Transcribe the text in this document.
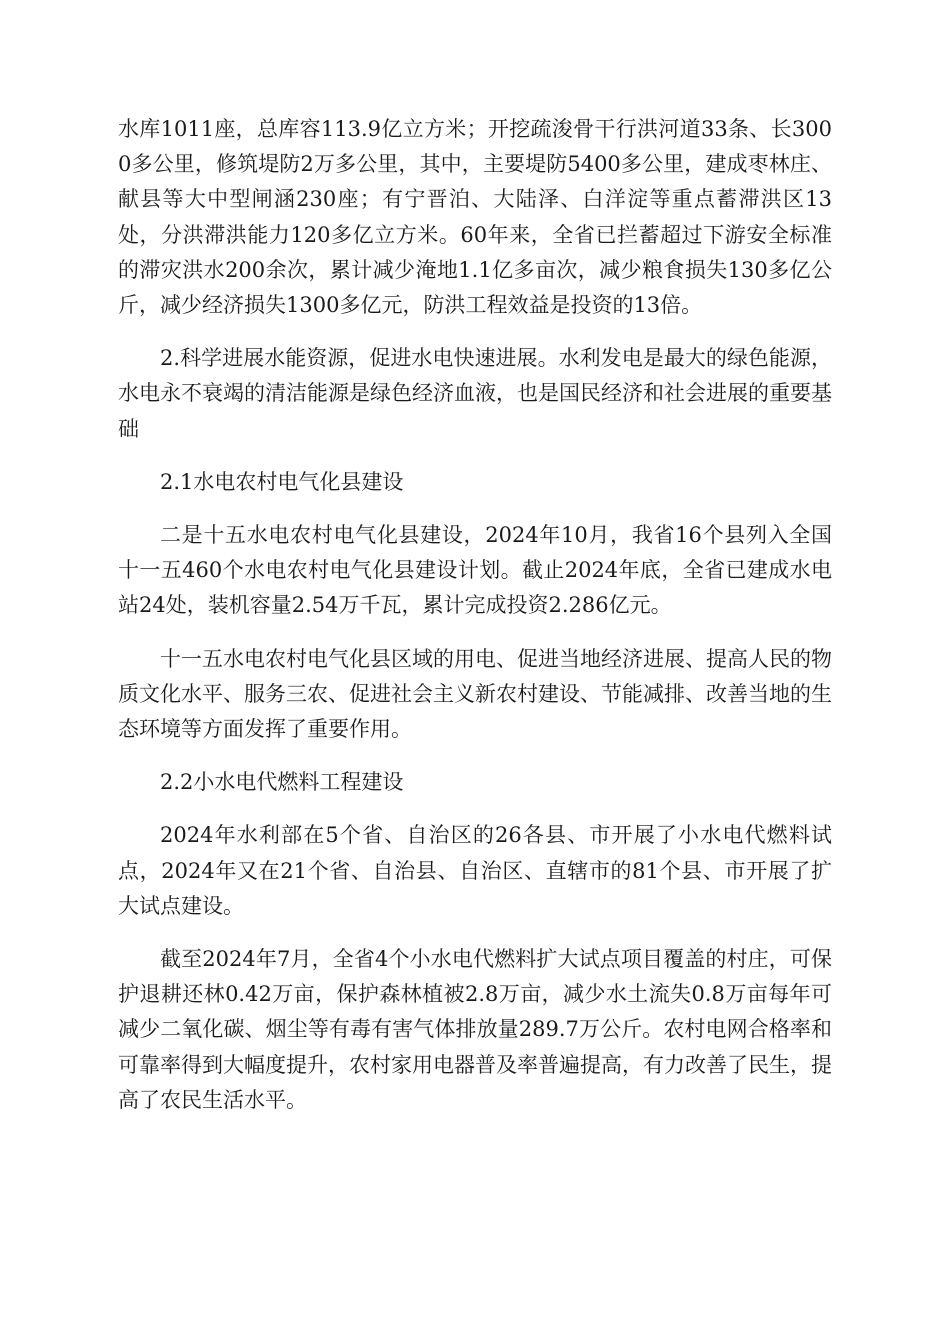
水库1011座，总库容113.9亿立方米；开挖疏浚骨干行洪河道33条、长3000多公里，修筑堤防2万多公里，其中，主要堤防5400多公里，建成枣林庄、献县等大中型闸涵230座；有宁晋泊、大陆泽、白洋淀等重点蓄滞洪区13处，分洪滞洪能力120多亿立方米。60年来，全省已拦蓄超过下游安全标准的滞灾洪水200余次，累计减少淹地1.1亿多亩次，减少粮食损失130多亿公斤，减少经济损失1300多亿元，防洪工程效益是投资的13倍。

2.科学进展水能资源，促进水电快速进展。水利发电是最大的绿色能源，水电永不衰竭的清洁能源是绿色经济血液，也是国民经济和社会进展的重要基础

2.1水电农村电气化县建设

二是十五水电农村电气化县建设，2024年10月，我省16个县列入全国十一五460个水电农村电气化县建设计划。截止2024年底，全省已建成水电站24处，装机容量2.54万千瓦，累计完成投资2.286亿元。

十一五水电农村电气化县区域的用电、促进当地经济进展、提高人民的物质文化水平、服务三农、促进社会主义新农村建设、节能减排、改善当地的生态环境等方面发挥了重要作用。

2.2小水电代燃料工程建设

2024年水利部在5个省、自治区的26各县、市开展了小水电代燃料试点，2024年又在21个省、自治县、自治区、直辖市的81个县、市开展了扩大试点建设。

截至2024年7月，全省4个小水电代燃料扩大试点项目覆盖的村庄，可保护退耕还林0.42万亩，保护森林植被2.8万亩，减少水土流失0.8万亩每年可减少二氧化碳、烟尘等有毒有害气体排放量289.7万公斤。农村电网合格率和可靠率得到大幅度提升，农村家用电器普及率普遍提高，有力改善了民生，提高了农民生活水平。
